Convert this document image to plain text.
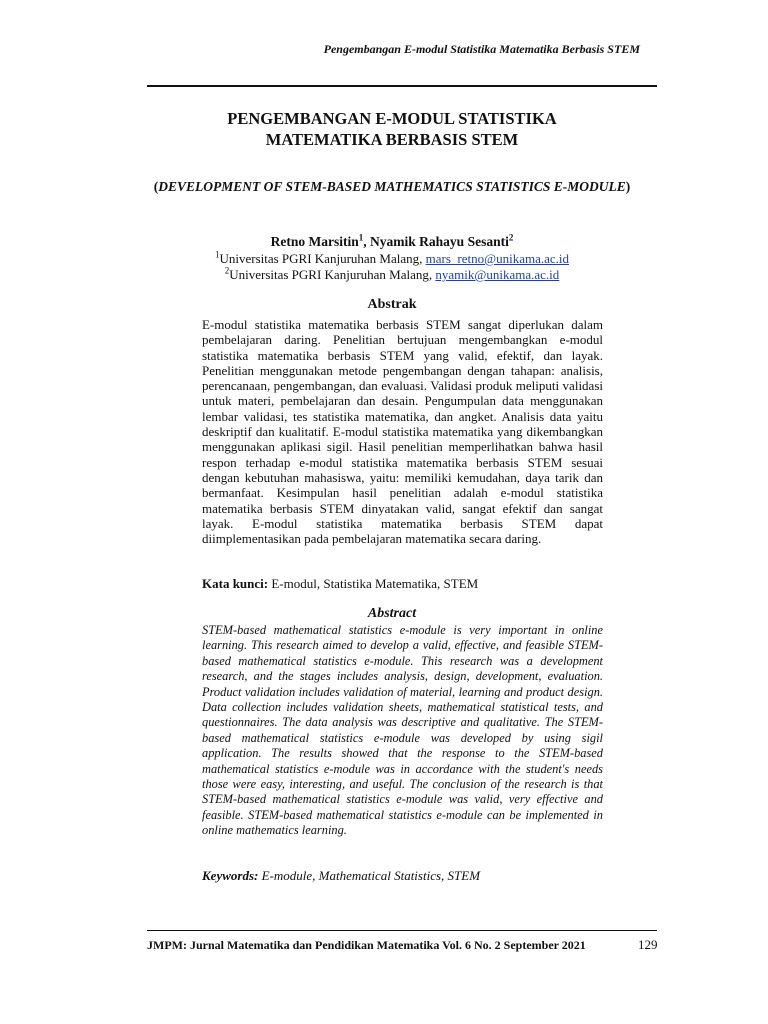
Pengembangan E-modul Statistika Matematika Berbasis STEM
PENGEMBANGAN E-MODUL STATISTIKA
MATEMATIKA BERBASIS STEM
(DEVELOPMENT OF STEM-BASED MATHEMATICS STATISTICS E-MODULE)
Retno Marsitin$^1$, Nyamik Rahayu Sesanti$^2$
$^1$Universitas PGRI Kanjuruhan Malang, mars_retno@unikama.ac.id
$^2$Universitas PGRI Kanjuruhan Malang, nyamik@unikama.ac.id
Abstrak
E-modul statistika matematika berbasis STEM sangat diperlukan dalam pembelajaran daring. Penelitian bertujuan mengembangkan e-modul statistika matematika berbasis STEM yang valid, efektif, dan layak. Penelitian menggunakan metode pengembangan dengan tahapan: analisis, perencanaan, pengembangan, dan evaluasi. Validasi produk meliputi validasi untuk materi, pembelajaran dan desain. Pengumpulan data menggunakan lembar validasi, tes statistika matematika, dan angket. Analisis data yaitu deskriptif dan kualitatif. E-modul statistika matematika yang dikembangkan menggunakan aplikasi sigil. Hasil penelitian memperlihatkan bahwa hasil respon terhadap e-modul statistika matematika berbasis STEM sesuai dengan kebutuhan mahasiswa, yaitu: memiliki kemudahan, daya tarik dan bermanfaat. Kesimpulan hasil penelitian adalah e-modul statistika matematika berbasis STEM dinyatakan valid, sangat efektif dan sangat layak. E-modul statistika matematika berbasis STEM dapat diimplementasikan pada pembelajaran matematika secara daring.
Kata kunci: E-modul, Statistika Matematika, STEM
Abstract
STEM-based mathematical statistics e-module is very important in online learning. This research aimed to develop a valid, effective, and feasible STEM-based mathematical statistics e-module. This research was a development research, and the stages includes analysis, design, development, evaluation. Product validation includes validation of material, learning and product design. Data collection includes validation sheets, mathematical statistical tests, and questionnaires. The data analysis was descriptive and qualitative. The STEM-based mathematical statistics e-module was developed by using sigil application. The results showed that the response to the STEM-based mathematical statistics e-module was in accordance with the student's needs those were easy, interesting, and useful. The conclusion of the research is that STEM-based mathematical statistics e-module was valid, very effective and feasible. STEM-based mathematical statistics e-module can be implemented in online mathematics learning.
Keywords: E-module, Mathematical Statistics, STEM
JMPM: Jurnal Matematika dan Pendidikan Matematika Vol. 6 No. 2 September 2021	129
